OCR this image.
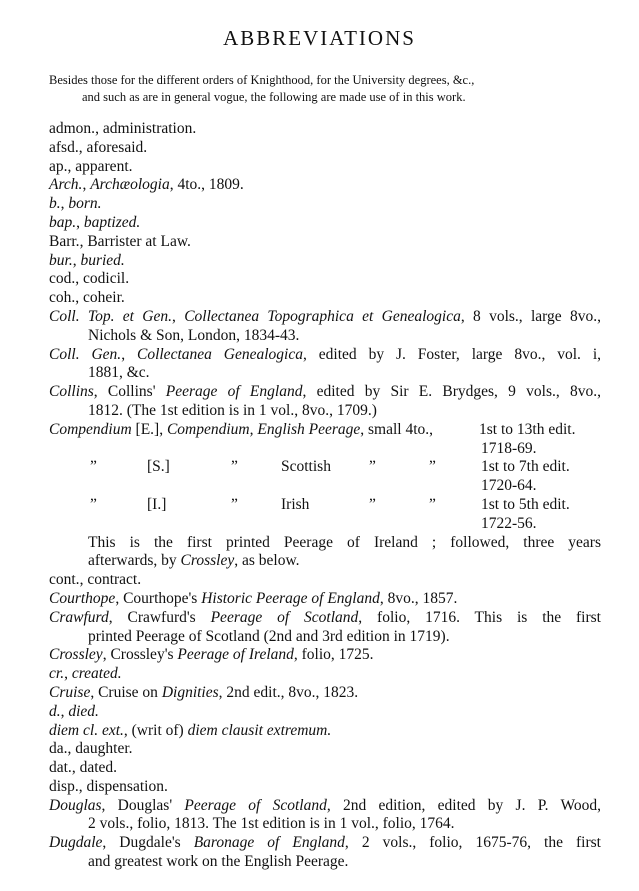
ABBREVIATIONS
Besides those for the different orders of Knighthood, for the University degrees, &c.,
and such as are in general vogue, the following are made use of in this work.
admon., administration.
afsd., aforesaid.
ap., apparent.
Arch., Archæologia, 4to., 1809.
b., born.
bap., baptized.
Barr., Barrister at Law.
bur., buried.
cod., codicil.
coh., coheir.
Coll. Top. et Gen., Collectanea Topographica et Genealogica, 8 vols., large 8vo.,
Nichols & Son, London, 1834-43.
Coll. Gen., Collectanea Genealogica, edited by J. Foster, large 8vo., vol. i,
1881, &c.
Collins, Collins' Peerage of England, edited by Sir E. Brydges, 9 vols., 8vo.,
1812. (The 1st edition is in 1 vol., 8vo., 1709.)
Compendium [E.], Compendium, English Peerage, small 4to.,	1st to 13th edit.
1718-69.
”	[S.]	”	Scottish ”	”	1st to 7th edit.
1720-64.
”	[I.]	”	Irish	”	”	1st to 5th edit.
1722-56.
This is the first printed Peerage of Ireland ; followed, three years
afterwards, by Crossley, as below.
cont., contract.
Courthope, Courthope's Historic Peerage of England, 8vo., 1857.
Crawfurd, Crawfurd's Peerage of Scotland, folio, 1716. This is the first
printed Peerage of Scotland (2nd and 3rd edition in 1719).
Crossley, Crossley's Peerage of Ireland, folio, 1725.
cr., created.
Cruise, Cruise on Dignities, 2nd edit., 8vo., 1823.
d., died.
diem cl. ext., (writ of) diem clausit extremum.
da., daughter.
dat., dated.
disp., dispensation.
Douglas, Douglas' Peerage of Scotland, 2nd edition, edited by J. P. Wood,
2 vols., folio, 1813. The 1st edition is in 1 vol., folio, 1764.
Dugdale, Dugdale's Baronage of England, 2 vols., folio, 1675-76, the first
and greatest work on the English Peerage.
